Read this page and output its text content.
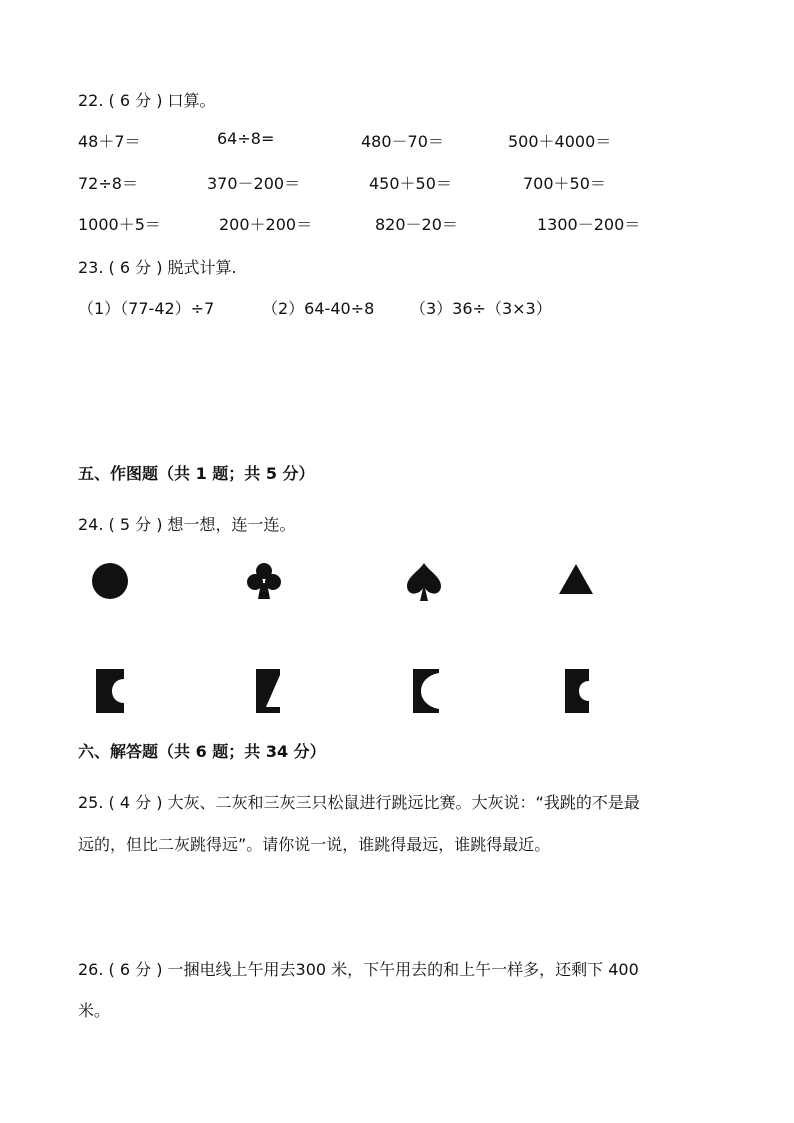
22. ( 6 分 ) 口算。
48＋7＝	64÷8=	480－70＝	500＋4000＝
72÷8＝	370－200＝	450＋50＝	700＋50＝
1000＋5＝	200＋200＝	820－20＝	1300－200＝
23. ( 6 分 ) 脱式计算.
（1）（77-42）÷7	（2）64-40÷8 （3）36÷（3×3）
五、作图题（共 1 题；共 5 分）
24. ( 5 分 ) 想一想，连一连。
六、解答题（共 6 题；共 34 分）
25. ( 4 分 ) 大灰、二灰和三灰三只松鼠进行跳远比赛。大灰说：“我跳的不是最
远的，但比二灰跳得远”。请你说一说，谁跳得最远，谁跳得最近。
26. ( 6 分 ) 一捆电线上午用去300 米，下午用去的和上午一样多，还剩下 400
米。
